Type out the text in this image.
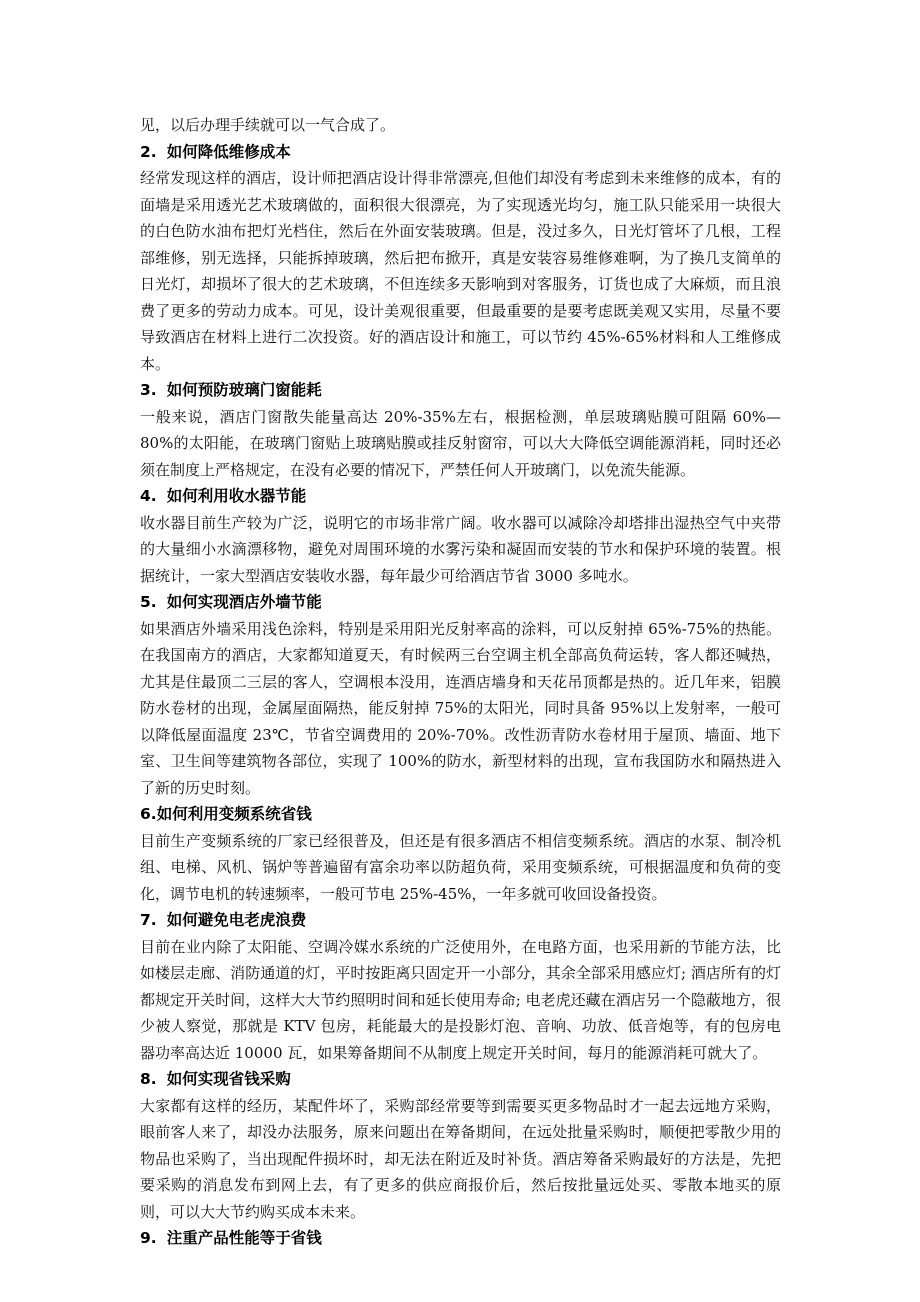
见，以后办理手续就可以一气合成了。

2. 如何降低维修成本

经常发现这样的酒店，设计师把酒店设计得非常漂亮,但他们却没有考虑到未来维修的成本，有的面墙是采用透光艺术玻璃做的，面积很大很漂亮，为了实现透光均匀，施工队只能采用一块很大的白色防水油布把灯光档住，然后在外面安装玻璃。但是，没过多久，日光灯管坏了几根，工程部维修，别无选择，只能拆掉玻璃，然后把布掀开，真是安装容易维修难啊，为了换几支简单的日光灯，却损坏了很大的艺术玻璃，不但连续多天影响到对客服务，订货也成了大麻烦，而且浪费了更多的劳动力成本。可见，设计美观很重要，但最重要的是要考虑既美观又实用，尽量不要导致酒店在材料上进行二次投资。好的酒店设计和施工，可以节约 45%-65%材料和人工维修成本。

3. 如何预防玻璃门窗能耗

一般来说，酒店门窗散失能量高达 20%-35%左右，根据检测，单层玻璃贴膜可阻隔 60%—80%的太阳能，在玻璃门窗贴上玻璃贴膜或挂反射窗帘，可以大大降低空调能源消耗，同时还必须在制度上严格规定，在没有必要的情况下，严禁任何人开玻璃门，以免流失能源。

4. 如何利用收水器节能

收水器目前生产较为广泛，说明它的市场非常广阔。收水器可以减除冷却塔排出湿热空气中夹带的大量细小水滴漂移物，避免对周围环境的水雾污染和凝固而安装的节水和保护环境的装置。根据统计，一家大型酒店安装收水器，每年最少可给酒店节省 3000 多吨水。

5. 如何实现酒店外墙节能

如果酒店外墙采用浅色涂料，特别是采用阳光反射率高的涂料，可以反射掉 65%-75%的热能。在我国南方的酒店，大家都知道夏天，有时候两三台空调主机全部高负荷运转，客人都还喊热，尤其是住最顶二三层的客人，空调根本没用，连酒店墙身和天花吊顶都是热的。近几年来，铝膜防水卷材的出现，金属屋面隔热，能反射掉 75%的太阳光，同时具备 95%以上发射率，一般可以降低屋面温度 23℃，节省空调费用的 20%-70%。改性沥青防水卷材用于屋顶、墙面、地下室、卫生间等建筑物各部位，实现了 100%的防水，新型材料的出现，宣布我国防水和隔热进入了新的历史时刻。

6.如何利用变频系统省钱

目前生产变频系统的厂家已经很普及，但还是有很多酒店不相信变频系统。酒店的水泵、制冷机组、电梯、风机、锅炉等普遍留有富余功率以防超负荷，采用变频系统，可根据温度和负荷的变化，调节电机的转速频率，一般可节电 25%-45%，一年多就可收回设备投资。

7. 如何避免电老虎浪费

目前在业内除了太阳能、空调冷媒水系统的广泛使用外，在电路方面，也采用新的节能方法，比如楼层走廊、消防通道的灯，平时按距离只固定开一小部分，其余全部采用感应灯; 酒店所有的灯都规定开关时间，这样大大节约照明时间和延长使用寿命; 电老虎还藏在酒店另一个隐蔽地方，很少被人察觉，那就是 KTV 包房，耗能最大的是投影灯泡、音响、功放、低音炮等，有的包房电器功率高达近 10000 瓦，如果筹备期间不从制度上规定开关时间，每月的能源消耗可就大了。

8. 如何实现省钱采购

大家都有这样的经历，某配件坏了，采购部经常要等到需要买更多物品时才一起去远地方采购，眼前客人来了，却没办法服务，原来问题出在筹备期间，在远处批量采购时，顺便把零散少用的物品也采购了，当出现配件损坏时，却无法在附近及时补货。酒店筹备采购最好的方法是，先把要采购的消息发布到网上去，有了更多的供应商报价后，然后按批量远处买、零散本地买的原则，可以大大节约购买成本未来。

9. 注重产品性能等于省钱
